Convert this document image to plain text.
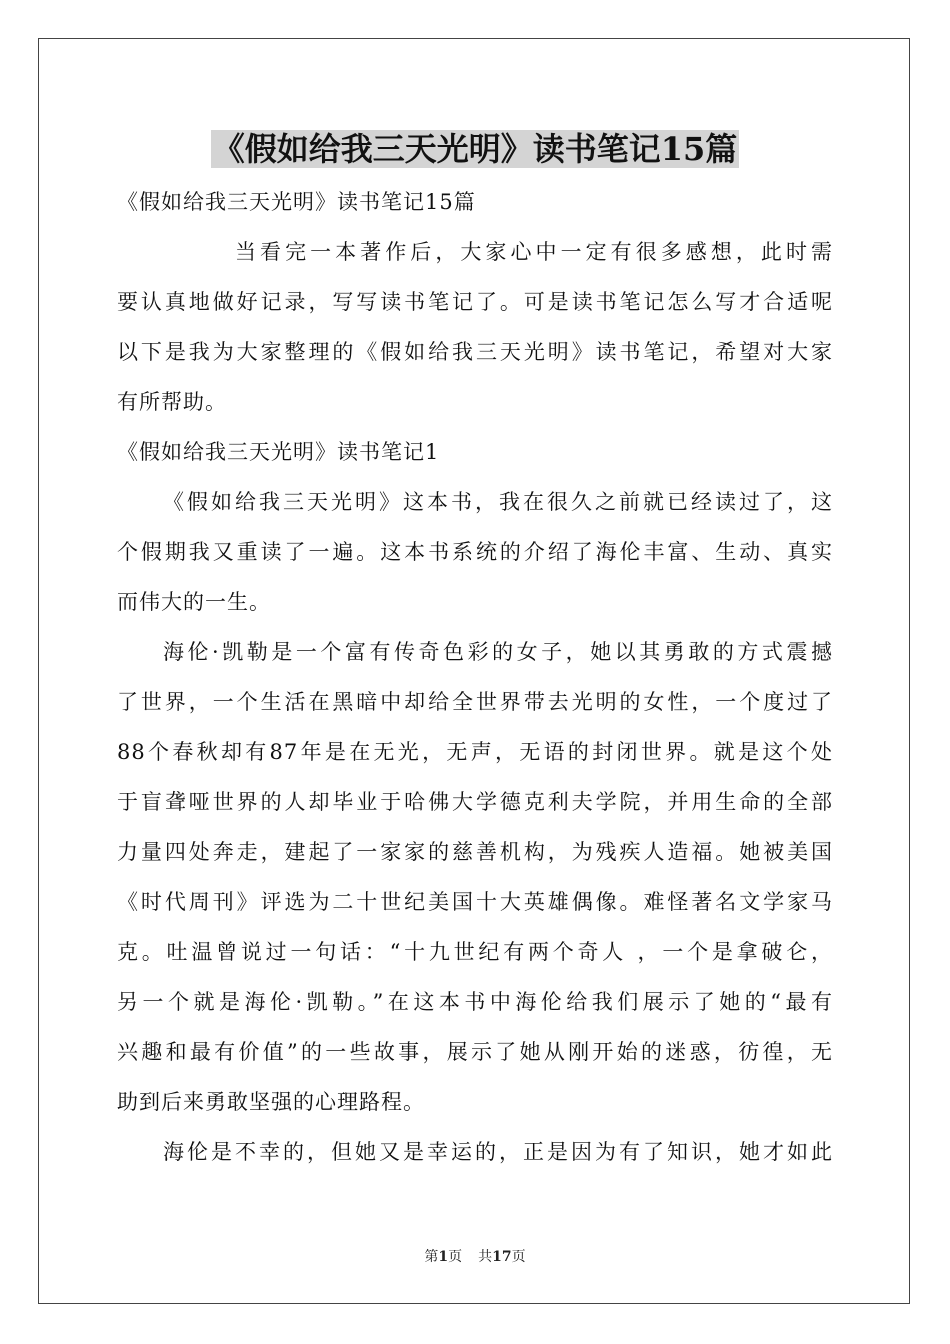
《假如给我三天光明》读书笔记15篇
《假如给我三天光明》读书笔记15篇
当看完一本著作后，大家心中一定有很多感想，此时需
要认真地做好记录，写写读书笔记了。可是读书笔记怎么写才合适呢
以下是我为大家整理的《假如给我三天光明》读书笔记，希望对大家
有所帮助。
《假如给我三天光明》读书笔记1
《假如给我三天光明》这本书，我在很久之前就已经读过了，这
个假期我又重读了一遍。这本书系统的介绍了海伦丰富、生动、真实
而伟大的一生。
海伦·凯勒是一个富有传奇色彩的女子，她以其勇敢的方式震撼
了世界，一个生活在黑暗中却给全世界带去光明的女性，一个度过了
88个春秋却有87年是在无光，无声，无语的封闭世界。就是这个处
于盲聋哑世界的人却毕业于哈佛大学德克利夫学院，并用生命的全部
力量四处奔走，建起了一家家的慈善机构，为残疾人造福。她被美国
《时代周刊》评选为二十世纪美国十大英雄偶像。难怪著名文学家马
克。吐温曾说过一句话：“十九世纪有两个奇人 ，一个是拿破仑，
另一个就是海伦·凯勒。”在这本书中海伦给我们展示了她的“最有
兴趣和最有价值”的一些故事，展示了她从刚开始的迷惑，彷徨，无
助到后来勇敢坚强的心理路程。
海伦是不幸的，但她又是幸运的，正是因为有了知识，她才如此
第1页 共17页
